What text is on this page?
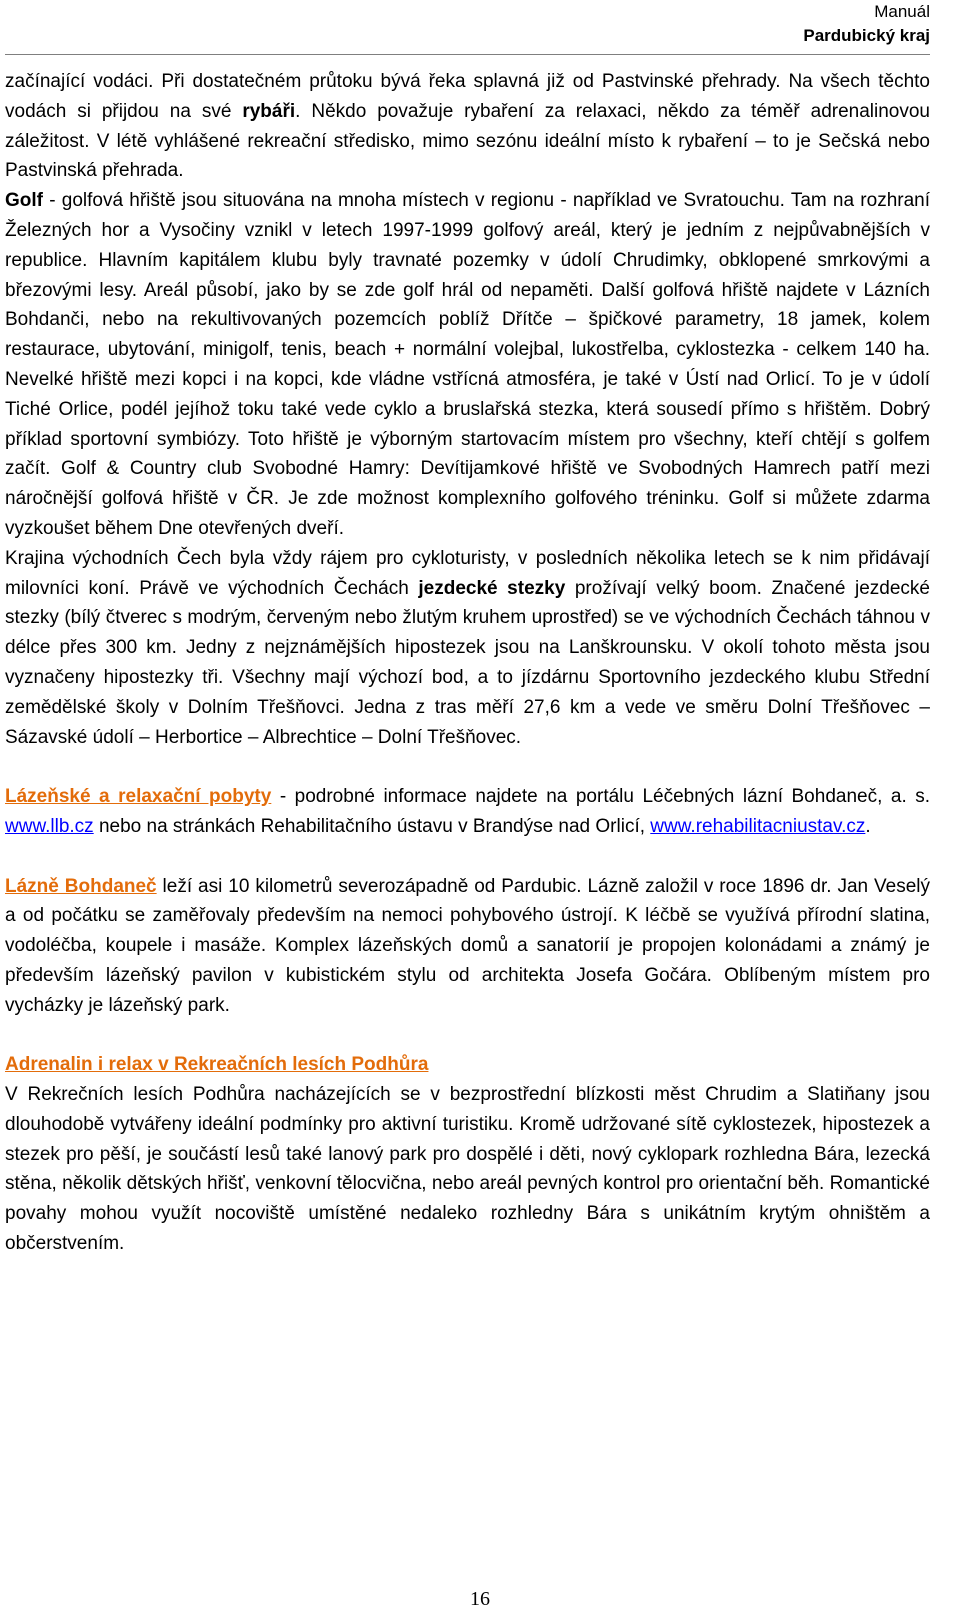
Manuál
Pardubický kraj

začínající vodáci. Při dostatečném průtoku bývá řeka splavná již od Pastvinské přehrady. Na všech těchto vodách si přijdou na své rybáři. Někdo považuje rybaření za relaxaci, někdo za téměř adrenalinovou záležitost. V létě vyhlášené rekreační středisko, mimo sezónu ideální místo k rybaření – to je Sečská nebo Pastvinská přehrada.

Golf - golfová hřiště jsou situována na mnoha místech v regionu - například ve Svratouchu. Tam na rozhraní Železných hor a Vysočiny vznikl v letech 1997-1999 golfový areál, který je jedním z nejpůvabnějších v republice. Hlavním kapitálem klubu byly travnaté pozemky v údolí Chrudimky, obklopené smrkovými a březovými lesy. Areál působí, jako by se zde golf hrál od nepaměti. Další golfová hřiště najdete v Lázních Bohdanči, nebo na rekultivovaných pozemcích poblíž Dřítče – špičkové parametry, 18 jamek, kolem restaurace, ubytování, minigolf, tenis, beach + normální volejbal, lukostřelba, cyklostezka - celkem 140 ha. Nevelké hřiště mezi kopci i na kopci, kde vládne vstřícná atmosféra, je také v Ústí nad Orlicí. To je v údolí Tiché Orlice, podél jejíhož toku také vede cyklo a bruslařská stezka, která sousedí přímo s hřištěm. Dobrý příklad sportovní symbiózy. Toto hřiště je výborným startovacím místem pro všechny, kteří chtějí s golfem začít. Golf & Country club Svobodné Hamry: Devítijamkové hřiště ve Svobodných Hamrech patří mezi náročnější golfová hřiště v ČR. Je zde možnost komplexního golfového tréninku. Golf si můžete zdarma vyzkoušet během Dne otevřených dveří.

Krajina východních Čech byla vždy rájem pro cykloturisty, v posledních několika letech se k nim přidávají milovníci koní. Právě ve východních Čechách jezdecké stezky prožívají velký boom. Značené jezdecké stezky (bílý čtverec s modrým, červeným nebo žlutým kruhem uprostřed) se ve východních Čechách táhnou v délce přes 300 km. Jedny z nejznámějších hipostezek jsou na Lanškrounsku. V okolí tohoto města jsou vyznačeny hipostezky tři. Všechny mají výchozí bod, a to jízdárnu Sportovního jezdeckého klubu Střední zemědělské školy v Dolním Třešňovci. Jedna z tras měří 27,6 km a vede ve směru Dolní Třešňovec – Sázavské údolí – Herbortice – Albrechtice – Dolní Třešňovec.

Lázeňské a relaxační pobyty - podrobné informace najdete na portálu Léčebných lázní Bohdaneč, a. s. www.llb.cz nebo na stránkách Rehabilitačního ústavu v Brandýse nad Orlicí, www.rehabilitacniustav.cz.

Lázně Bohdaneč leží asi 10 kilometrů severozápadně od Pardubic. Lázně založil v roce 1896 dr. Jan Veselý a od počátku se zaměřovaly především na nemoci pohybového ústrojí. K léčbě se využívá přírodní slatina, vodoléčba, koupele i masáže. Komplex lázeňských domů a sanatorií je propojen kolonádami a známý je především lázeňský pavilon v kubistickém stylu od architekta Josefa Gočára. Oblíbeným místem pro vycházky je lázeňský park.

Adrenalin i relax v Rekreačních lesích Podhůra

V Rekrečních lesích Podhůra nacházejících se v bezprostřední blízkosti měst Chrudim a Slatiňany jsou dlouhodobě vytvářeny ideální podmínky pro aktivní turistiku. Kromě udržované sítě cyklostezek, hipostezek a stezek pro pěší, je součástí lesů také lanový park pro dospělé i děti, nový cyklopark rozhledna Bára, lezecká stěna, několik dětských hřišť, venkovní tělocvična, nebo areál pevných kontrol pro orientační běh. Romantické povahy mohou využít nocoviště umístěné nedaleko rozhledny Bára s unikátním krytým ohništěm a občerstvením.

16
